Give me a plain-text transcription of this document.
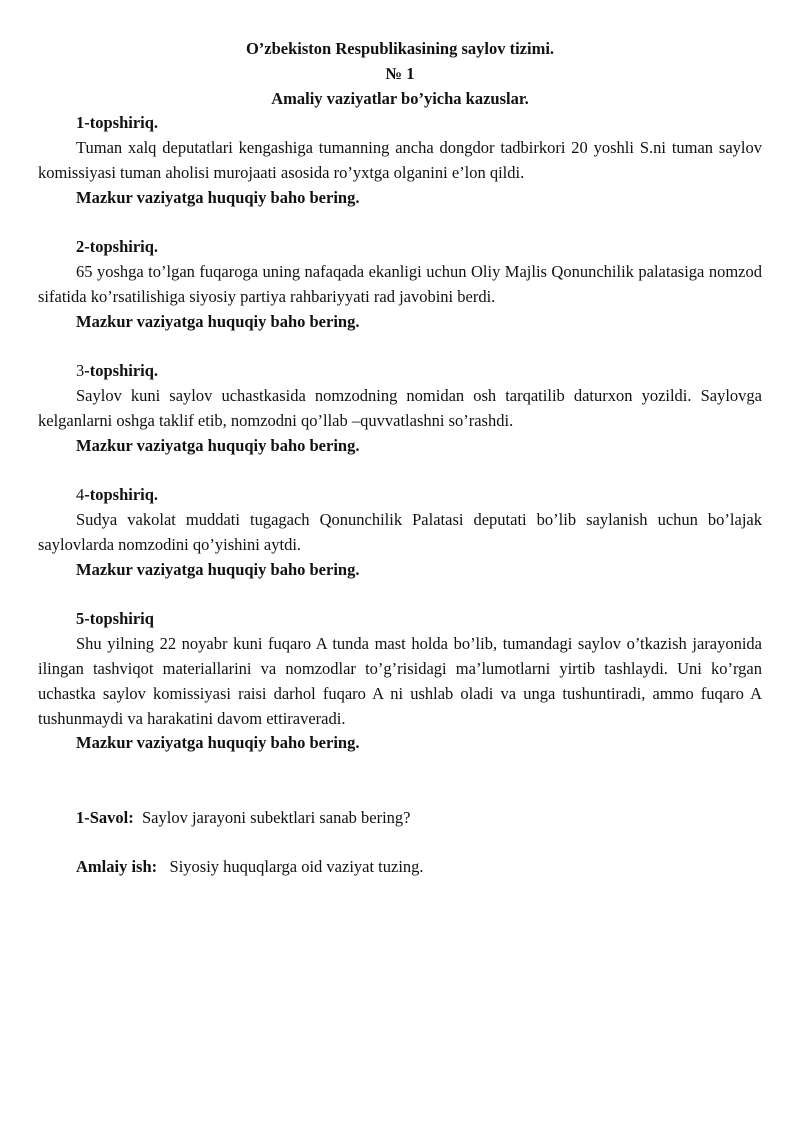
O’zbekiston Respublikasining saylov tizimi.

№ 1

Amaliy vaziyatlar bo’yicha kazuslar.

1-topshiriq.

Tuman xalq deputatlari kengashiga tumanning ancha dongdor tadbirkori 20 yoshli S.ni tuman saylov komissiyasi tuman aholisi murojaati asosida ro’yxtga olganini e’lon qildi.

Mazkur vaziyatga huquqiy baho bering.

2-topshiriq.

65 yoshga to’lgan fuqaroga uning nafaqada ekanligi uchun Oliy Majlis Qonunchilik palatasiga nomzod sifatida ko’rsatilishiga siyosiy partiya rahbariyyati rad javobini berdi.

Mazkur vaziyatga huquqiy baho bering.

3-topshiriq.

Saylov kuni saylov uchastkasida nomzodning nomidan osh tarqatilib daturxon yozildi. Saylovga kelganlarni oshga taklif etib, nomzodni qo’llab –quvvatlashni so’rashdi.

Mazkur vaziyatga huquqiy baho bering.

4-topshiriq.

Sudya vakolat muddati tugagach Qonunchilik Palatasi deputati bo’lib saylanish uchun bo’lajak saylovlarda nomzodini qo’yishini aytdi.

Mazkur vaziyatga huquqiy baho bering.

5-topshiriq

Shu yilning 22 noyabr kuni fuqaro A tunda mast holda bo’lib, tumandagi saylov o’tkazish jarayonida ilingan tashviqot materiallarini va nomzodlar to’g’risidagi ma’lumotlarni yirtib tashlaydi. Uni ko’rgan uchastka saylov komissiyasi raisi darhol fuqaro A ni ushlab oladi va unga tushuntiradi, ammo fuqaro A tushunmaydi va harakatini davom ettiraveradi.

Mazkur vaziyatga huquqiy baho bering.

1-Savol: Saylov jarayoni subektlari sanab bering?

Amlaiy ish: Siyosiy huquqlarga oid vaziyat tuzing.
